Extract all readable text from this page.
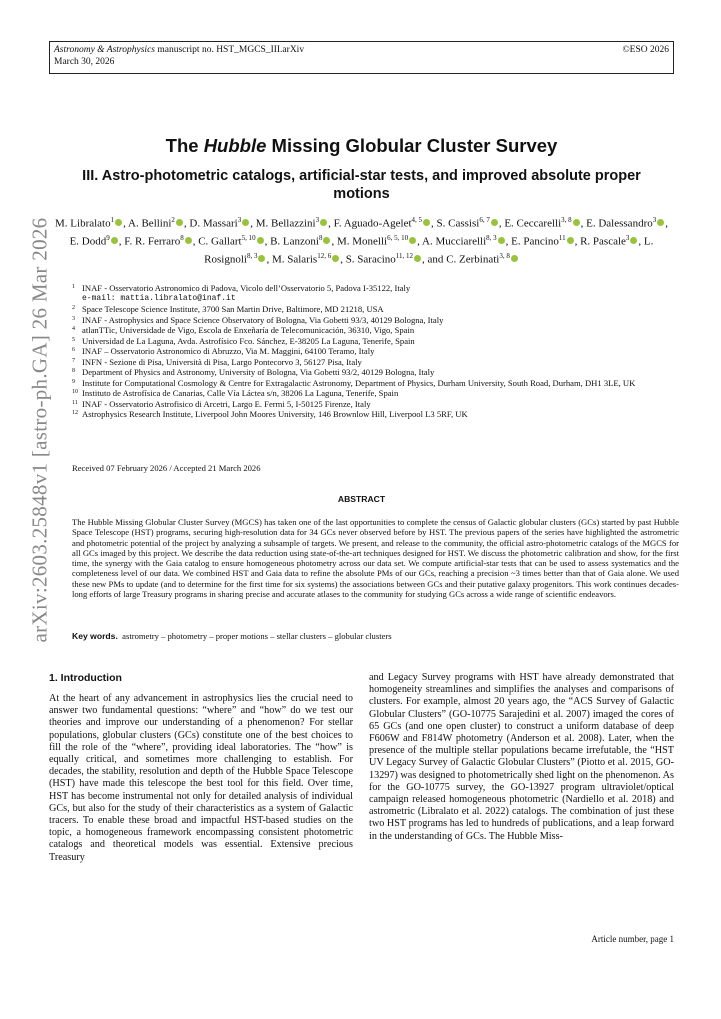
Astronomy & Astrophysics manuscript no. HST_MGCS_III.arXiv
March 30, 2026
©ESO 2026
arXiv:2603.25848v1 [astro-ph.GA] 26 Mar 2026
The Hubble Missing Globular Cluster Survey
III. Astro-photometric catalogs, artificial-star tests, and improved absolute proper motions
M. Libralato$^1$ , A. Bellini$^2$ , D. Massari$^3$ , M. Bellazzini$^3$ , F. Aguado-Agelet$^{4, 5}$ , S. Cassisi$^{6, 7}$ , E. Ceccarelli$^{3, 8}$ , E. Dalessandro$^3$ , E. Dodd$^9$ , F. R. Ferraro$^8$ , C. Gallart$^{5, 10}$ , B. Lanzoni$^8$ , M. Monelli$^{6, 5, 10}$ , A. Mucciarelli$^{8, 3}$ , E. Pancino$^{11}$ , R. Pascale$^3$ , L. Rosignoli$^{8, 3}$ , M. Salaris$^{12, 6}$ , S. Saracino$^{11, 12}$ , and C. Zerbinati$^{3, 8}$
1 INAF - Osservatorio Astronomico di Padova, Vicolo dell’Osservatorio 5, Padova I-35122, Italy
e-mail: mattia.libralato@inaf.it
2 Space Telescope Science Institute, 3700 San Martin Drive, Baltimore, MD 21218, USA
3 INAF - Astrophysics and Space Science Observatory of Bologna, Via Gobetti 93/3, 40129 Bologna, Italy
4 atlanTTic, Universidade de Vigo, Escola de Enxeñaría de Telecomunicación, 36310, Vigo, Spain
5 Universidad de La Laguna, Avda. Astrofísico Fco. Sánchez, E-38205 La Laguna, Tenerife, Spain
6 INAF – Osservatorio Astronomico di Abruzzo, Via M. Maggini, 64100 Teramo, Italy
7 INFN - Sezione di Pisa, Università di Pisa, Largo Pontecorvo 3, 56127 Pisa, Italy
8 Department of Physics and Astronomy, University of Bologna, Via Gobetti 93/2, 40129 Bologna, Italy
9 Institute for Computational Cosmology & Centre for Extragalactic Astronomy, Department of Physics, Durham University, South Road, Durham, DH1 3LE, UK
10 Instituto de Astrofísica de Canarias, Calle Vía Láctea s/n, 38206 La Laguna, Tenerife, Spain
11 INAF - Osservatorio Astrofisico di Arcetri, Largo E. Fermi 5, I-50125 Firenze, Italy
12 Astrophysics Research Institute, Liverpool John Moores University, 146 Brownlow Hill, Liverpool L3 5RF, UK
Received 07 February 2026 / Accepted 21 March 2026
ABSTRACT
The Hubble Missing Globular Cluster Survey (MGCS) has taken one of the last opportunities to complete the census of Galactic globular clusters (GCs) started by past Hubble Space Telescope (HST) programs, securing high-resolution data for 34 GCs never observed before by HST. The previous papers of the series have highlighted the astrometric and photometric potential of the project by analyzing a subsample of targets. We present, and release to the community, the official astro-photometric catalogs of the MGCS for all GCs imaged by this project. We describe the data reduction using state-of-the-art techniques designed for HST. We discuss the photometric calibration and show, for the first time, the synergy with the Gaia catalog to ensure homogeneous photometry across our data set. We compute artificial-star tests that can be used to assess systematics and the completeness level of our data. We combined HST and Gaia data to refine the absolute PMs of our GCs, reaching a precision ~3 times better than that of Gaia alone. We used these new PMs to update (and to determine for the first time for six systems) the associations between GCs and their putative galaxy progenitors. This work continues decades-long efforts of large Treasury programs in sharing precise and accurate atlases to the community for studying GCs across a wide range of scientific endeavors.
Key words. astrometry – photometry – proper motions – stellar clusters – globular clusters
1. Introduction
At the heart of any advancement in astrophysics lies the crucial need to answer two fundamental questions: “where” and “how” do we test our theories and improve our understanding of a phenomenon? For stellar populations, globular clusters (GCs) constitute one of the best choices to fill the role of the “where”, providing ideal laboratories. The “how” is equally critical, and sometimes more challenging to establish. For decades, the stability, resolution and depth of the Hubble Space Telescope (HST) have made this telescope the best tool for this field. Over time, HST has become instrumental not only for detailed analysis of individual GCs, but also for the study of their characteristics as a system of Galactic tracers. To enable these broad and impactful HST-based studies on the topic, a homogeneous framework encompassing consistent photometric catalogs and theoretical models was essential. Extensive precious Treasury
and Legacy Survey programs with HST have already demonstrated that homogeneity streamlines and simplifies the analyses and comparisons of clusters. For example, almost 20 years ago, the “ACS Survey of Galactic Globular Clusters” (GO-10775 Sarajedini et al. 2007) imaged the cores of 65 GCs (and one open cluster) to construct a uniform database of deep F606W and F814W photometry (Anderson et al. 2008). Later, when the presence of the multiple stellar populations became irrefutable, the “HST UV Legacy Survey of Galactic Globular Clusters” (Piotto et al. 2015, GO-13297) was designed to photometrically shed light on the phenomenon. As for the GO-10775 survey, the GO-13927 program ultraviolet/optical campaign released homogeneous photometric (Nardiello et al. 2018) and astrometric (Libralato et al. 2022) catalogs. The combination of just these two HST programs has led to hundreds of publications, and a leap forward in the understanding of GCs. The Hubble Miss-
Article number, page 1
